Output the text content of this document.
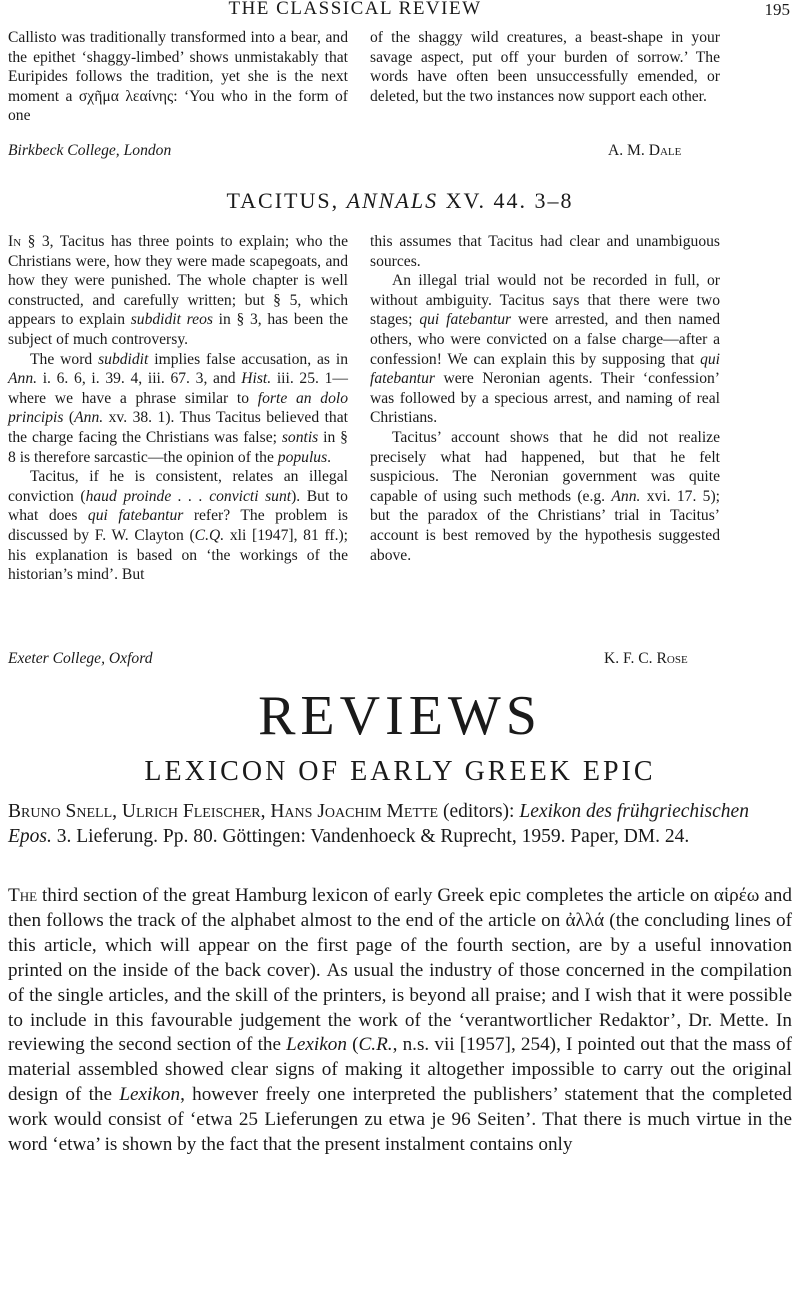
THE CLASSICAL REVIEW	195

Callisto was traditionally transformed into a bear, and the epithet ‘shaggy-limbed’ shows unmistakably that Euripides follows the tradition, yet she is the next moment a σχῆμα λεαίνης: ‘You who in the form of one

of the shaggy wild creatures, a beast-shape in your savage aspect, put off your burden of sorrow.’ The words have often been unsuccessfully emended, or deleted, but the two instances now support each other.

Birkbeck College, London	A. M. Dale
TACITUS, ANNALS XV. 44. 3–8

In § 3, Tacitus has three points to explain; who the Christians were, how they were made scapegoats, and how they were punished. The whole chapter is well constructed, and carefully written; but § 5, which appears to explain subdidit reos in § 3, has been the subject of much controversy.

The word subdidit implies false accusation, as in Ann. i. 6. 6, i. 39. 4, iii. 67. 3, and Hist. iii. 25. 1—where we have a phrase similar to forte an dolo principis (Ann. xv. 38. 1). Thus Tacitus believed that the charge facing the Christians was false; sontis in § 8 is therefore sarcastic—the opinion of the populus.

Tacitus, if he is consistent, relates an illegal conviction (haud proinde . . . convicti sunt). But to what does qui fatebantur refer? The problem is discussed by F. W. Clayton (C.Q. xli [1947], 81 ff.); his explanation is based on ‘the workings of the historian’s mind’. But

this assumes that Tacitus had clear and unambiguous sources.

An illegal trial would not be recorded in full, or without ambiguity. Tacitus says that there were two stages; qui fatebantur were arrested, and then named others, who were convicted on a false charge—after a confession! We can explain this by supposing that qui fatebantur were Neronian agents. Their ‘confession’ was followed by a specious arrest, and naming of real Christians.

Tacitus’ account shows that he did not realize precisely what had happened, but that he felt suspicious. The Neronian government was quite capable of using such methods (e.g. Ann. xvi. 17. 5); but the paradox of the Christians’ trial in Tacitus’ account is best removed by the hypothesis suggested above.

Exeter College, Oxford	K. F. C. Rose
REVIEWS
LEXICON OF EARLY GREEK EPIC
Bruno Snell, Ulrich Fleischer, Hans Joachim Mette (editors): Lexikon des frühgriechischen Epos. 3. Lieferung. Pp. 80. Göttingen: Vandenhoeck & Ruprecht, 1959. Paper, DM. 24.

The third section of the great Hamburg lexicon of early Greek epic completes the article on αἱρέω and then follows the track of the alphabet almost to the end of the article on ἀλλά (the concluding lines of this article, which will appear on the first page of the fourth section, are by a useful innovation printed on the inside of the back cover). As usual the industry of those concerned in the compilation of the single articles, and the skill of the printers, is beyond all praise; and I wish that it were possible to include in this favourable judgement the work of the ‘verantwortlicher Redaktor’, Dr. Mette. In reviewing the second section of the Lexikon (C.R., n.s. vii [1957], 254), I pointed out that the mass of material assembled showed clear signs of making it altogether impossible to carry out the original design of the Lexikon, however freely one interpreted the publishers’ statement that the completed work would consist of ‘etwa 25 Lieferungen zu etwa je 96 Seiten’. That there is much virtue in the word ‘etwa’ is shown by the fact that the present instalment contains only
